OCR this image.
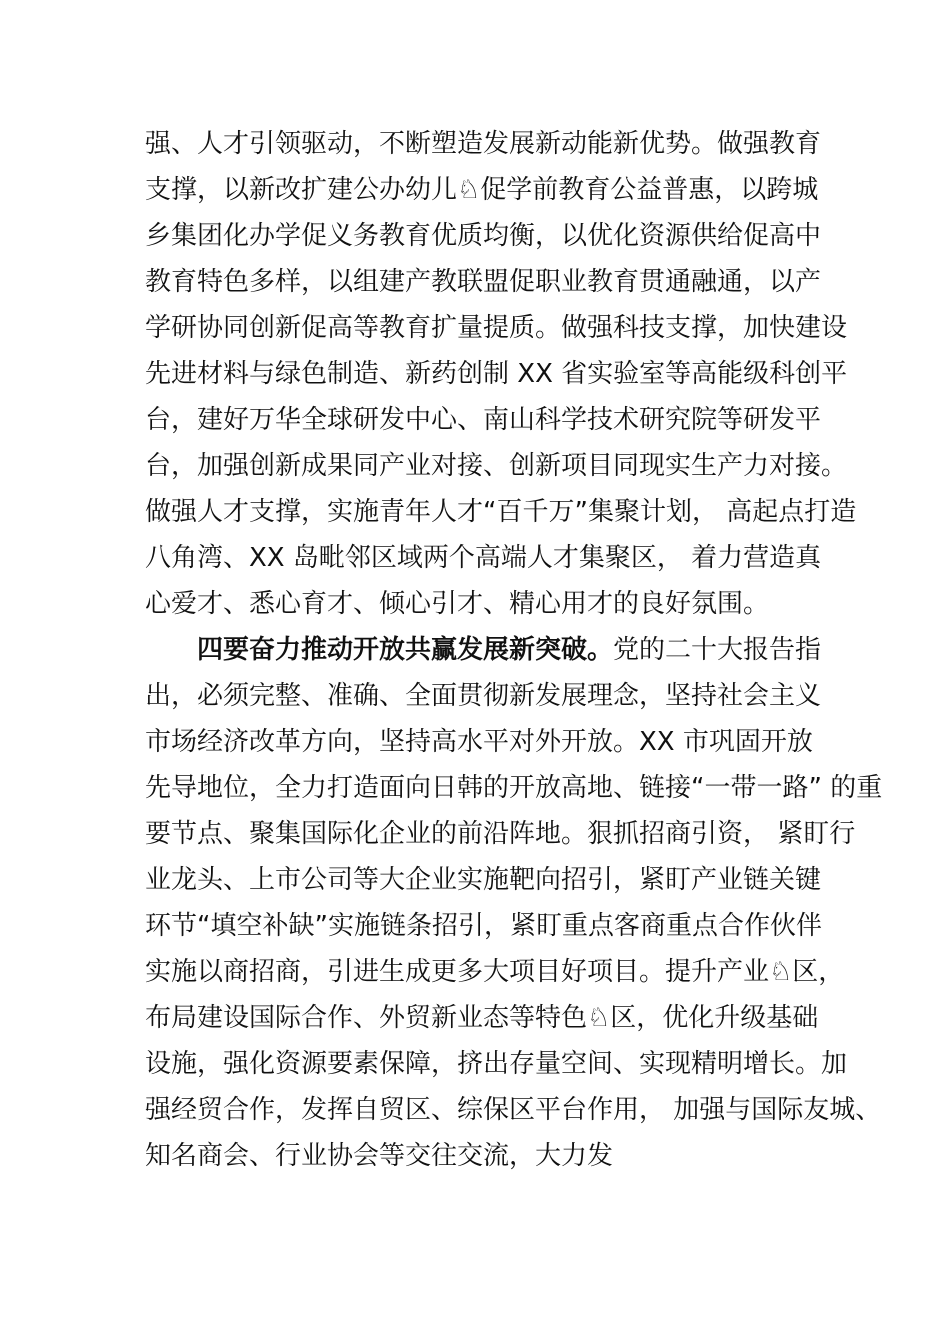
强、人才引领驱动，不断塑造发展新动能新优势。做强教育
支撑，以新改扩建公办幼儿♘促学前教育公益普惠，以跨城
乡集团化办学促义务教育优质均衡，以优化资源供给促高中
教育特色多样，以组建产教联盟促职业教育贯通融通，以产
学研协同创新促高等教育扩量提质。做强科技支撑，加快建设
先进材料与绿色制造、新药创制 XX 省实验室等高能级科创平
台，建好万华全球研发中心、南山科学技术研究院等研发平
台，加强创新成果同产业对接、创新项目同现实生产力对接。
做强人才支撑，实施青年人才“百千万”集聚计划， 高起点打造
八角湾、XX 岛毗邻区域两个高端人才集聚区， 着力营造真
心爱才、悉心育才、倾心引才、精心用才的良好氛围。
四要奋力推动开放共赢发展新突破。党的二十大报告指
出，必须完整、准确、全面贯彻新发展理念，坚持社会主义
市场经济改革方向，坚持高水平对外开放。XX 市巩固开放
先导地位，全力打造面向日韩的开放高地、链接“一带一路” 的重
要节点、聚集国际化企业的前沿阵地。狠抓招商引资， 紧盯行
业龙头、上市公司等大企业实施靶向招引，紧盯产业链关键
环节“填空补缺”实施链条招引，紧盯重点客商重点合作伙伴
实施以商招商，引进生成更多大项目好项目。提升产业♘区，
布局建设国际合作、外贸新业态等特色♘区，优化升级基础
设施，强化资源要素保障，挤出存量空间、实现精明增长。加
强经贸合作，发挥自贸区、综保区平台作用， 加强与国际友城、
知名商会、行业协会等交往交流，大力发
